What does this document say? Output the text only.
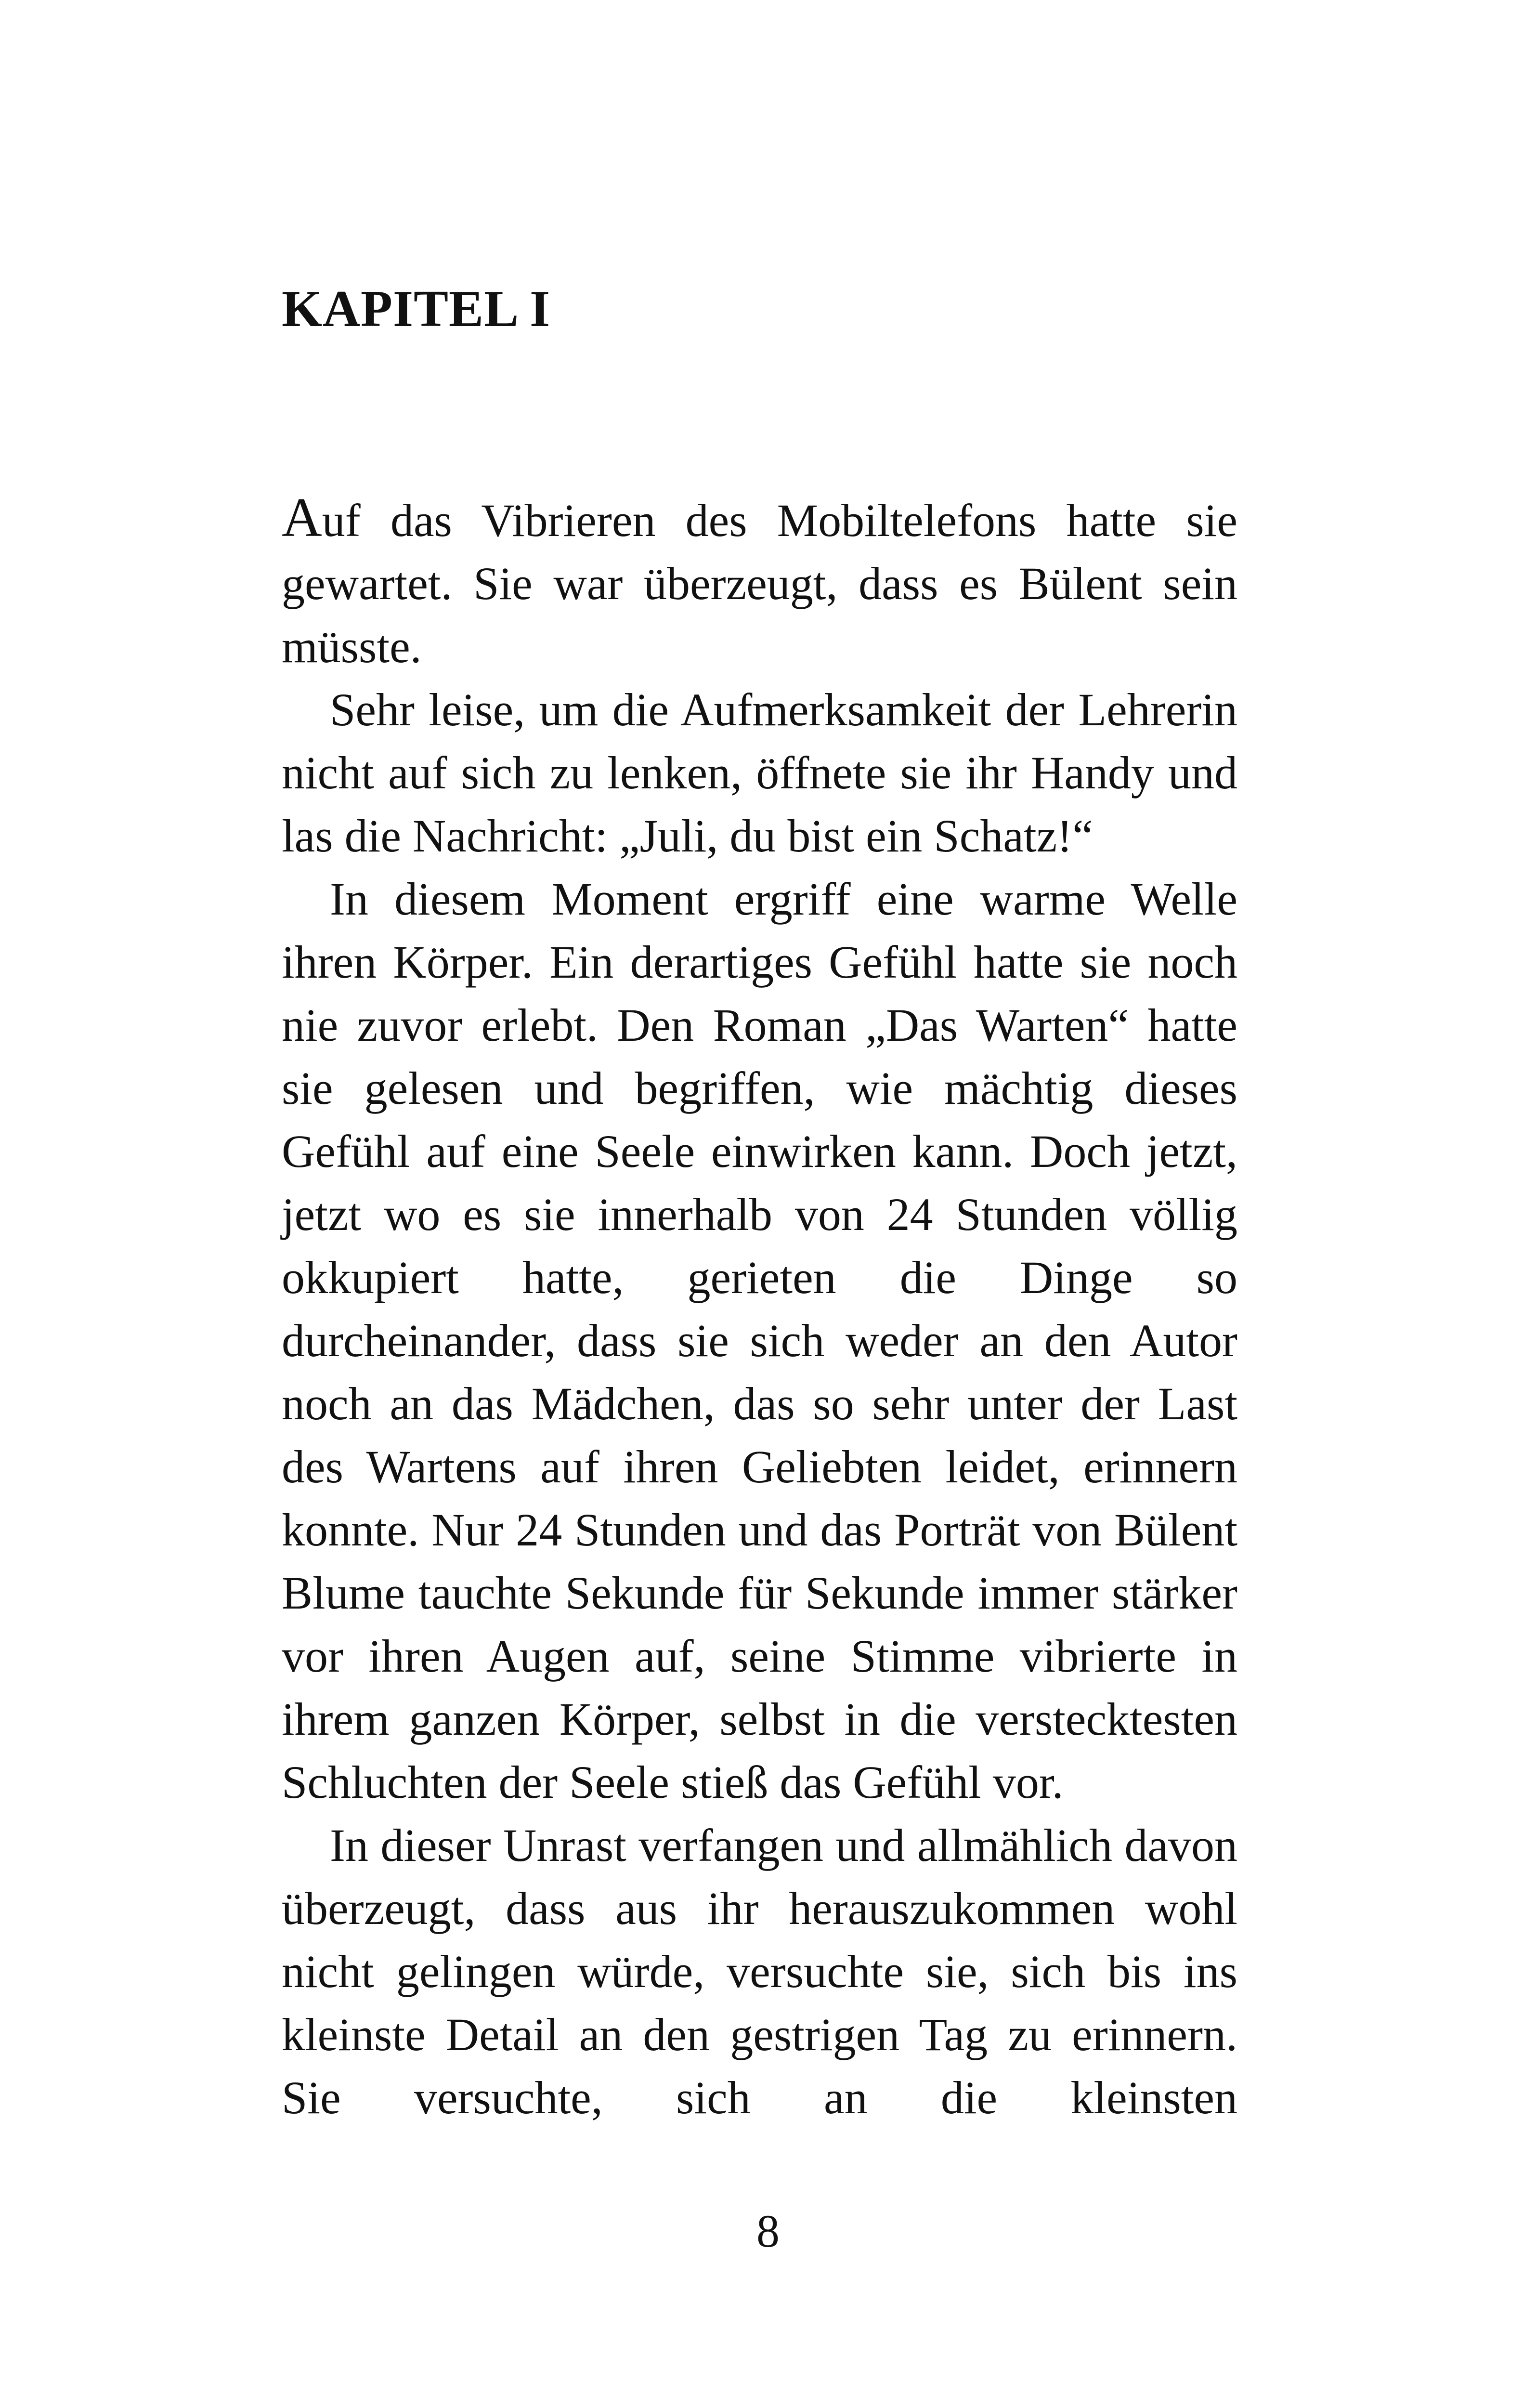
KAPITEL I

Auf das Vibrieren des Mobiltelefons hatte sie gewartet. Sie war überzeugt, dass es Bülent sein müsste.

Sehr leise, um die Aufmerksamkeit der Lehrerin nicht auf sich zu lenken, öffnete sie ihr Handy und las die Nachricht: „Juli, du bist ein Schatz!“

In diesem Moment ergriff eine warme Welle ihren Körper. Ein derartiges Gefühl hatte sie noch nie zuvor erlebt. Den Roman „Das Warten“ hatte sie gelesen und begriffen, wie mächtig dieses Gefühl auf eine Seele einwirken kann. Doch jetzt, jetzt wo es sie innerhalb von 24 Stunden völlig okkupiert hatte, gerieten die Dinge so durcheinander, dass sie sich weder an den Autor noch an das Mädchen, das so sehr unter der Last des Wartens auf ihren Geliebten leidet, erinnern konnte. Nur 24 Stunden und das Porträt von Bülent Blume tauchte Sekunde für Sekunde immer stärker vor ihren Augen auf, seine Stimme vibrierte in ihrem ganzen Körper, selbst in die verstecktesten Schluchten der Seele stieß das Gefühl vor.

In dieser Unrast verfangen und allmählich davon überzeugt, dass aus ihr herauszukommen wohl nicht gelingen würde, versuchte sie, sich bis ins kleinste Detail an den gestrigen Tag zu erinnern. Sie versuchte, sich an die kleinsten

8
